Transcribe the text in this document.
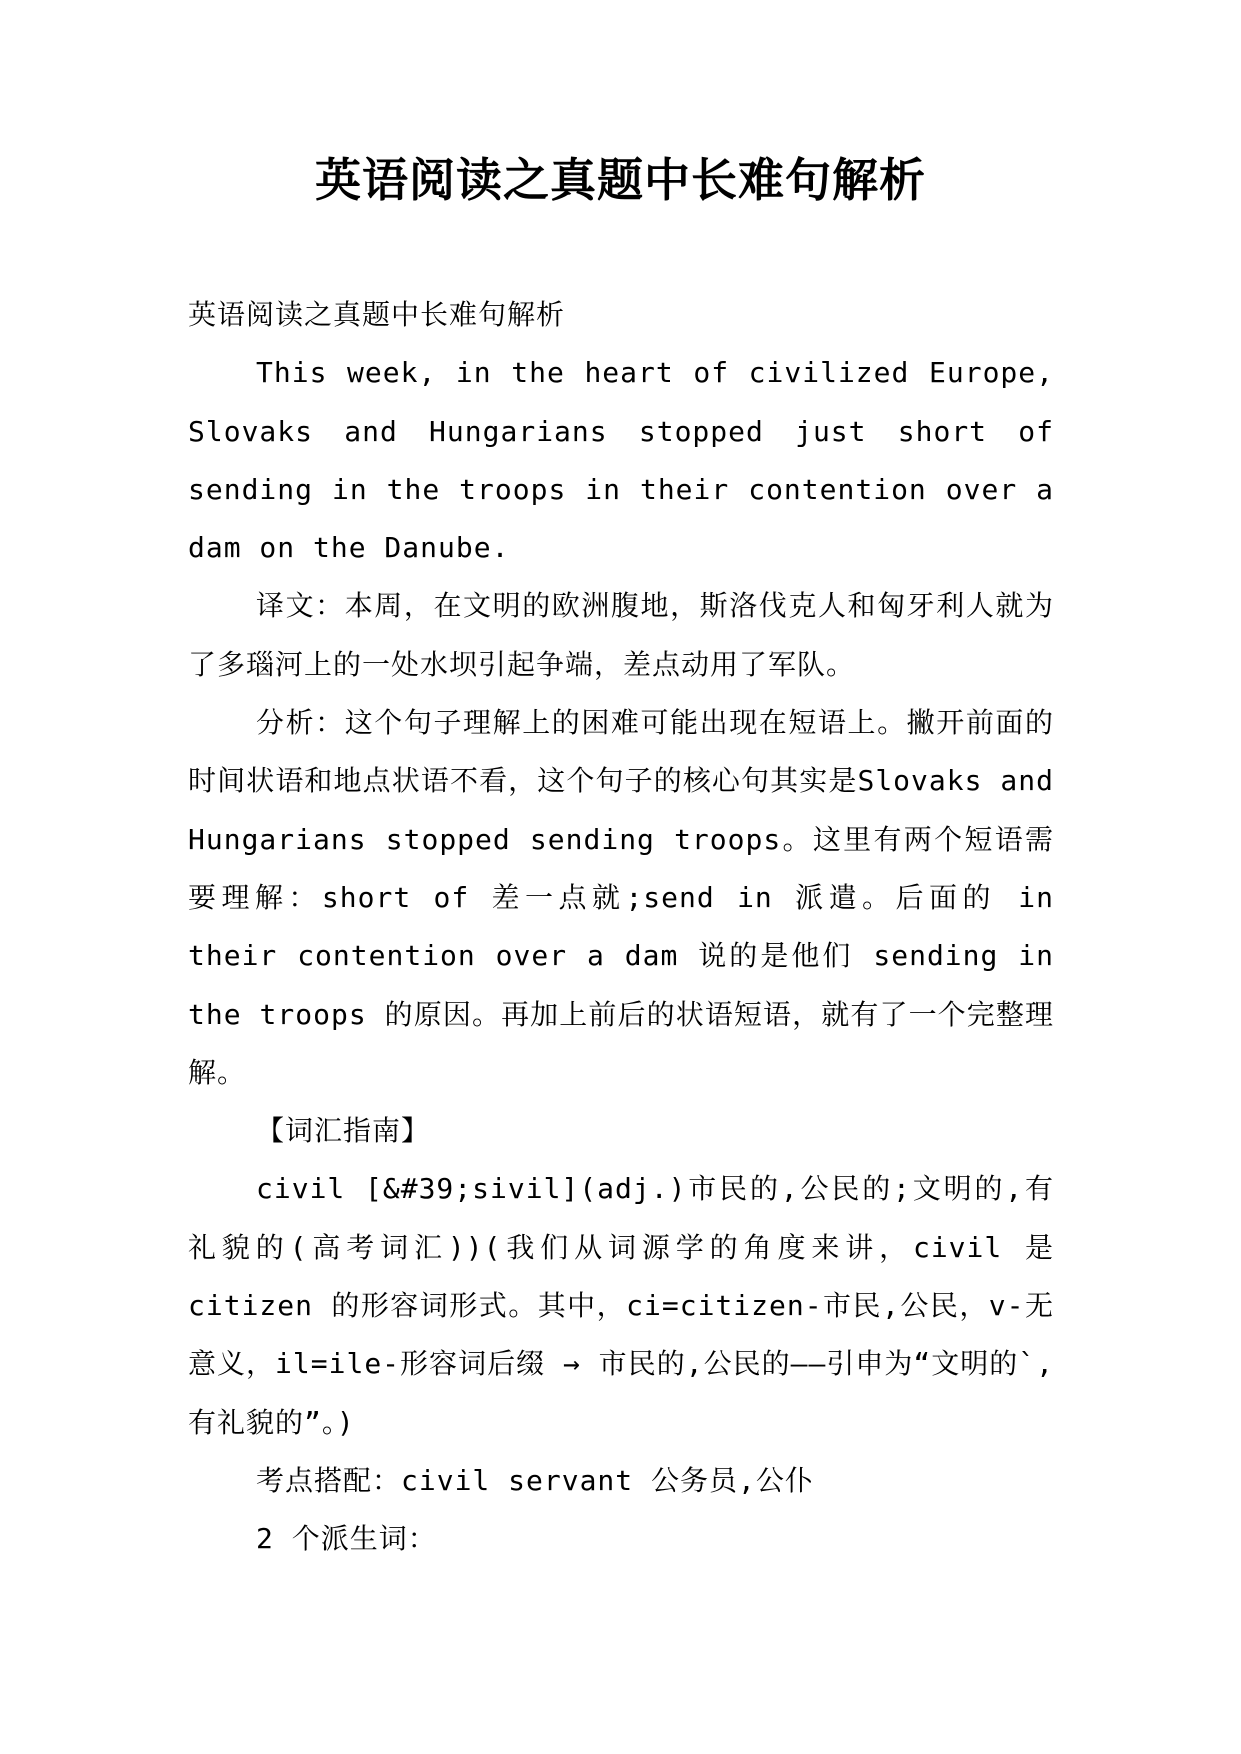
英语阅读之真题中长难句解析

英语阅读之真题中长难句解析

This week, in the heart of civilized Europe, Slovaks and Hungarians stopped just short of sending in the troops in their contention over a dam on the Danube.

译文：本周，在文明的欧洲腹地，斯洛伐克人和匈牙利人就为了多瑙河上的一处水坝引起争端，差点动用了军队。

分析：这个句子理解上的困难可能出现在短语上。撇开前面的时间状语和地点状语不看，这个句子的核心句其实是Slovaks and Hungarians stopped sending troops。这里有两个短语需要理解：short of 差一点就;send in 派遣。后面的 in their contention over a dam 说的是他们 sending in the troops 的原因。再加上前后的状语短语，就有了一个完整理解。

【词汇指南】

civil [&#39;sivil](adj.)市民的,公民的;文明的,有礼貌的(高考词汇))(我们从词源学的角度来讲，civil 是 citizen 的形容词形式。其中，ci=citizen-市民,公民，v-无意义，il=ile-形容词后缀 → 市民的,公民的——引申为“文明的`,有礼貌的”。)

考点搭配：civil servant 公务员,公仆

2 个派生词：
